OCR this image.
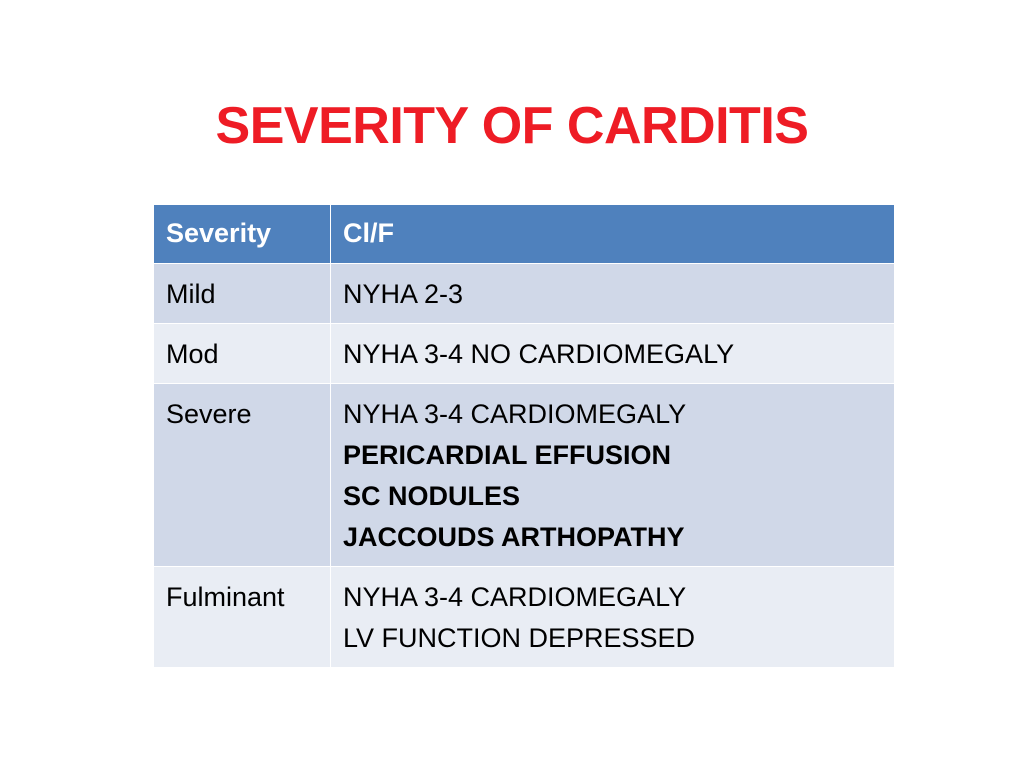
SEVERITY OF CARDITIS
Severity	Cl/F
Mild	NYHA 2-3

Mod	NYHA 3-4 NO CARDIOMEGALY

Severe	NYHA 3-4 CARDIOMEGALY
PERICARDIAL EFFUSION
SC NODULES
JACCOUDS ARTHOPATHY

Fulminant	NYHA 3-4 CARDIOMEGALY
LV FUNCTION DEPRESSED
